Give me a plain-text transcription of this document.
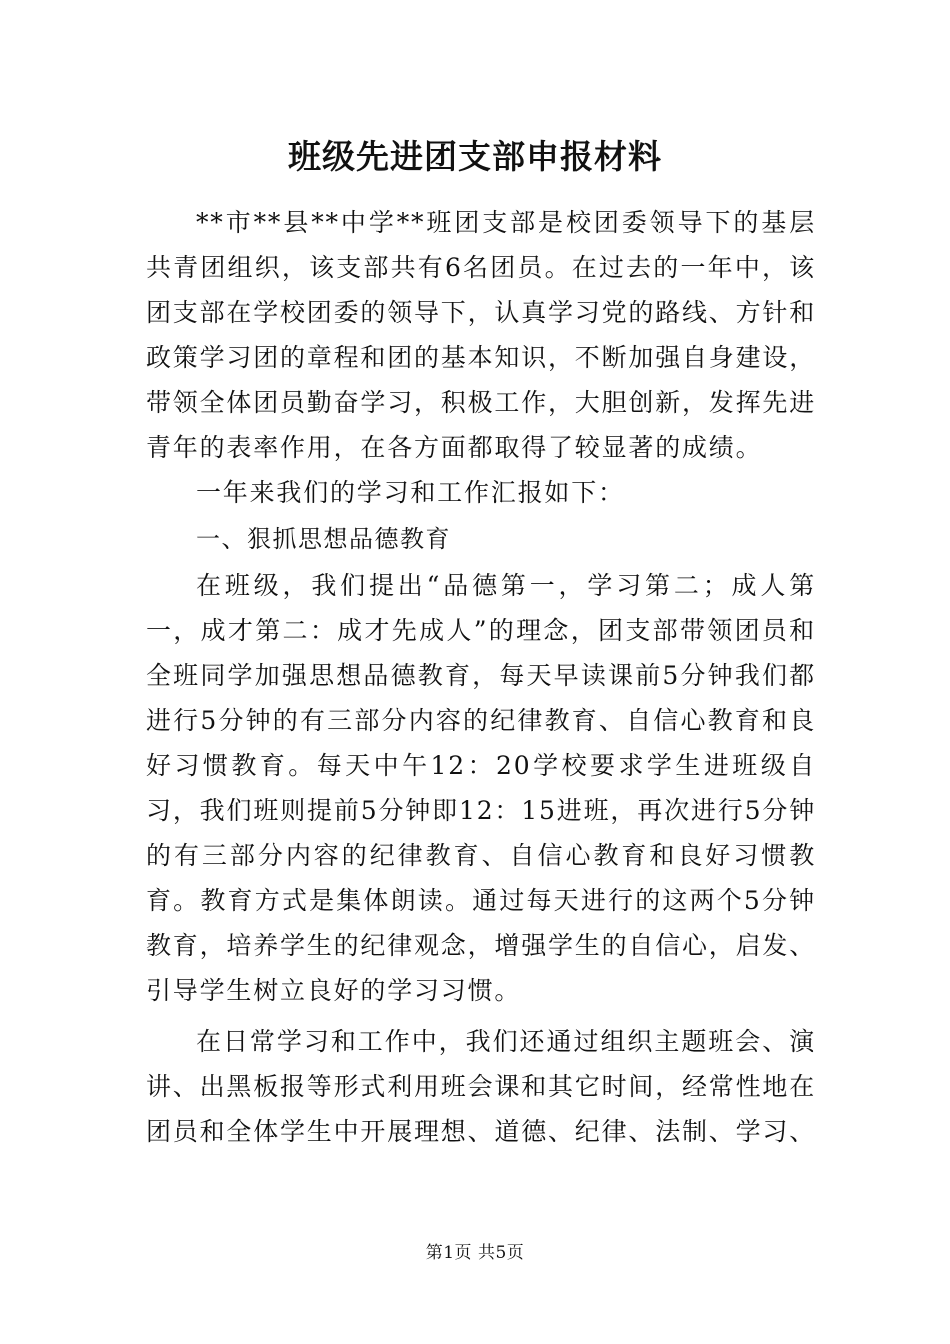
班级先进团支部申报材料

**市**县**中学**班团支部是校团委领导下的基层共青团组织，该支部共有6名团员。在过去的一年中，该团支部在学校团委的领导下，认真学习党的路线、方针和政策学习团的章程和团的基本知识，不断加强自身建设，带领全体团员勤奋学习，积极工作，大胆创新，发挥先进青年的表率作用，在各方面都取得了较显著的成绩。

一年来我们的学习和工作汇报如下：

一、狠抓思想品德教育

在班级，我们提出“品德第一，学习第二；成人第一，成才第二：成才先成人”的理念，团支部带领团员和全班同学加强思想品德教育，每天早读课前5分钟我们都进行5分钟的有三部分内容的纪律教育、自信心教育和良好习惯教育。每天中午12：20学校要求学生进班级自习，我们班则提前5分钟即12：15进班，再次进行5分钟的有三部分内容的纪律教育、自信心教育和良好习惯教育。教育方式是集体朗读。通过每天进行的这两个5分钟教育，培养学生的纪律观念，增强学生的自信心，启发、引导学生树立良好的学习习惯。

在日常学习和工作中，我们还通过组织主题班会、演讲、出黑板报等形式利用班会课和其它时间，经常性地在团员和全体学生中开展理想、道德、纪律、法制、学习、

第1页 共5页
